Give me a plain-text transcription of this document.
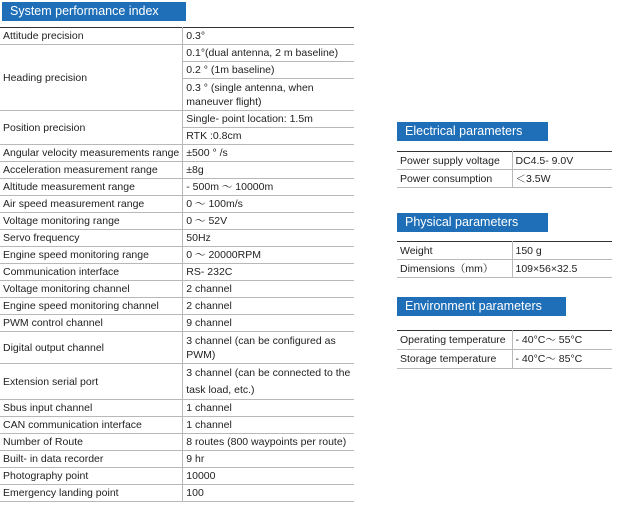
System performance index
Attitude precision	0.3°
Heading precision	0.1°(dual antenna, 2 m baseline)
	0.2 ° (1m baseline)
	0.3 ° (single antenna, when maneuver flight)
Position precision	Single- point location: 1.5m
	RTK :0.8cm
Angular velocity measurements range	±500 ° /s
Acceleration measurement range	±8g
Altitude measurement range	- 500m ～ 10000m
Air speed measurement range	0 ～ 100m/s
Voltage monitoring range	0 ～ 52V
Servo frequency	50Hz
Engine speed monitoring range	0 ～ 20000RPM
Communication interface	RS- 232C
Voltage monitoring channel	2 channel
Engine speed monitoring channel	2 channel
PWM control channel	9 channel
Digital output channel	3 channel (can be configured as PWM)
Extension serial port	3 channel (can be connected to the task load, etc.)
Sbus input channel	1 channel
CAN communication interface	1 channel
Number of Route	8 routes (800 waypoints per route)
Built- in data recorder	9 hr
Photography point	10000
Emergency landing point	100
Electrical parameters
Power supply voltage	DC4.5- 9.0V
Power consumption	＜3.5W
Physical parameters
Weight	150 g
Dimensions（mm）	109×56×32.5
Environment parameters
Operating temperature	- 40°C～ 55°C
Storage temperature	- 40°C～ 85°C
